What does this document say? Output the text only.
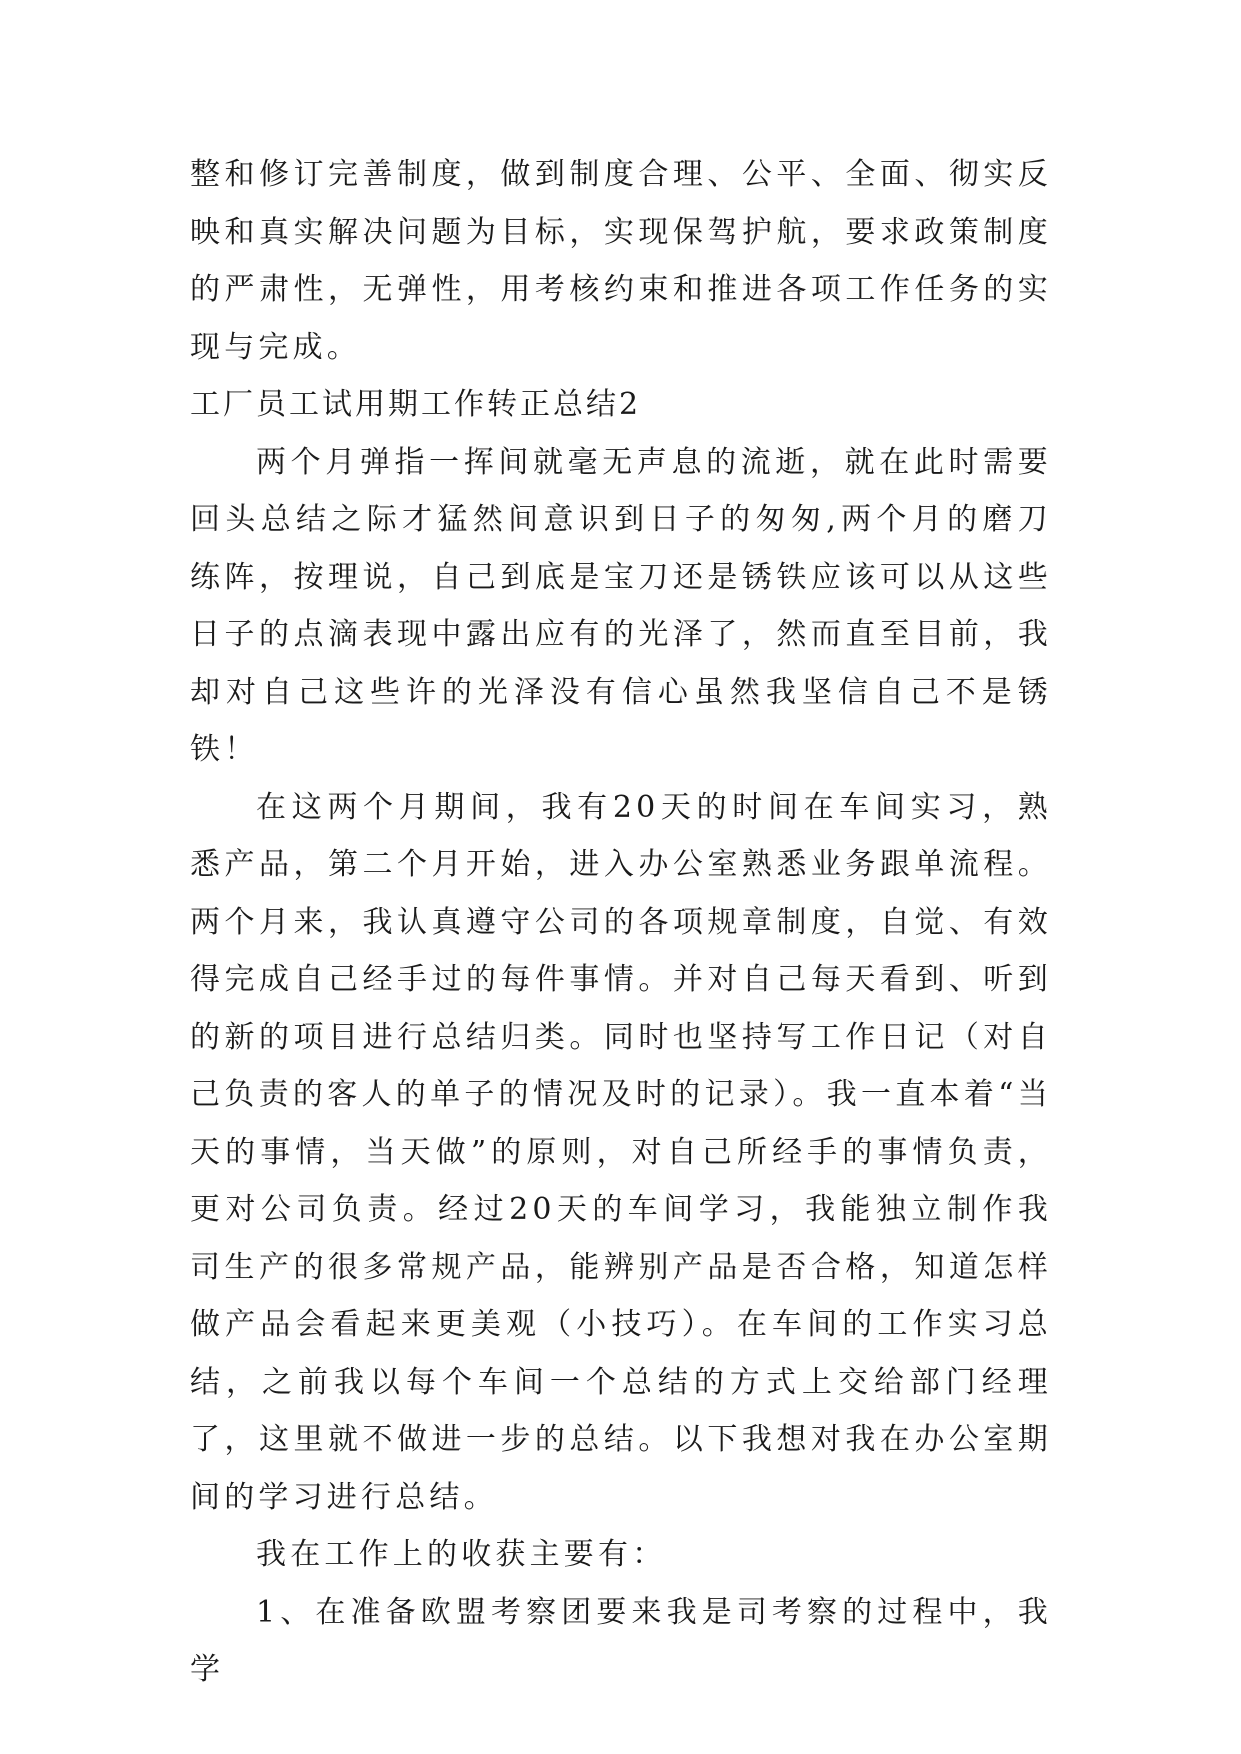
整和修订完善制度，做到制度合理、公平、全面、彻实反映和真实解决问题为目标，实现保驾护航，要求政策制度的严肃性，无弹性，用考核约束和推进各项工作任务的实现与完成。

工厂员工试用期工作转正总结2

两个月弹指一挥间就毫无声息的流逝，就在此时需要回头总结之际才猛然间意识到日子的匆匆,两个月的磨刀练阵，按理说，自己到底是宝刀还是锈铁应该可以从这些日子的点滴表现中露出应有的光泽了，然而直至目前，我却对自己这些许的光泽没有信心虽然我坚信自己不是锈铁！

在这两个月期间，我有20天的时间在车间实习，熟悉产品，第二个月开始，进入办公室熟悉业务跟单流程。两个月来，我认真遵守公司的各项规章制度，自觉、有效得完成自己经手过的每件事情。并对自己每天看到、听到的新的项目进行总结归类。同时也坚持写工作日记（对自己负责的客人的单子的情况及时的记录）。我一直本着“当天的事情，当天做”的原则，对自己所经手的事情负责，更对公司负责。经过20天的车间学习，我能独立制作我司生产的很多常规产品，能辨别产品是否合格，知道怎样做产品会看起来更美观（小技巧）。在车间的工作实习总结，之前我以每个车间一个总结的方式上交给部门经理了，这里就不做进一步的总结。以下我想对我在办公室期间的学习进行总结。

我在工作上的收获主要有：

1、在准备欧盟考察团要来我是司考察的过程中，我学
